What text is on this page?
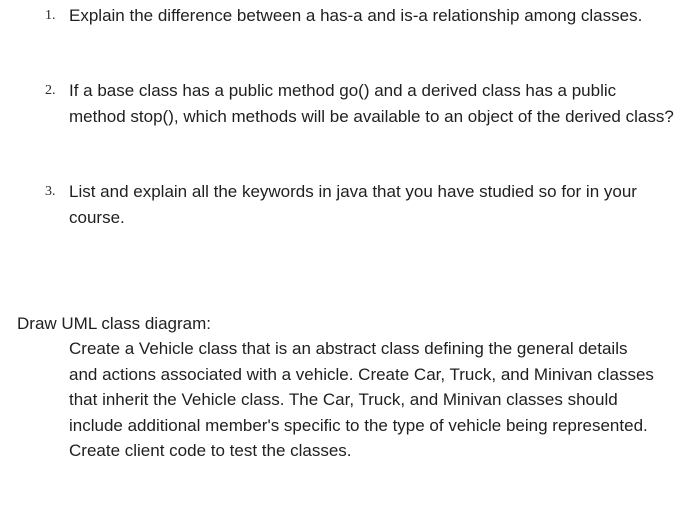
1. Explain the difference between a has-a and is-a relationship among classes.
2. If a base class has a public method go() and a derived class has a public method stop(), which methods will be available to an object of the derived class?
3. List and explain all the keywords in java that you have studied so for in your course.
Draw UML class diagram:
Create a Vehicle class that is an abstract class defining the general details and actions associated with a vehicle. Create Car, Truck, and Minivan classes that inherit the Vehicle class. The Car, Truck, and Minivan classes should include additional member's specific to the type of vehicle being represented. Create client code to test the classes.
